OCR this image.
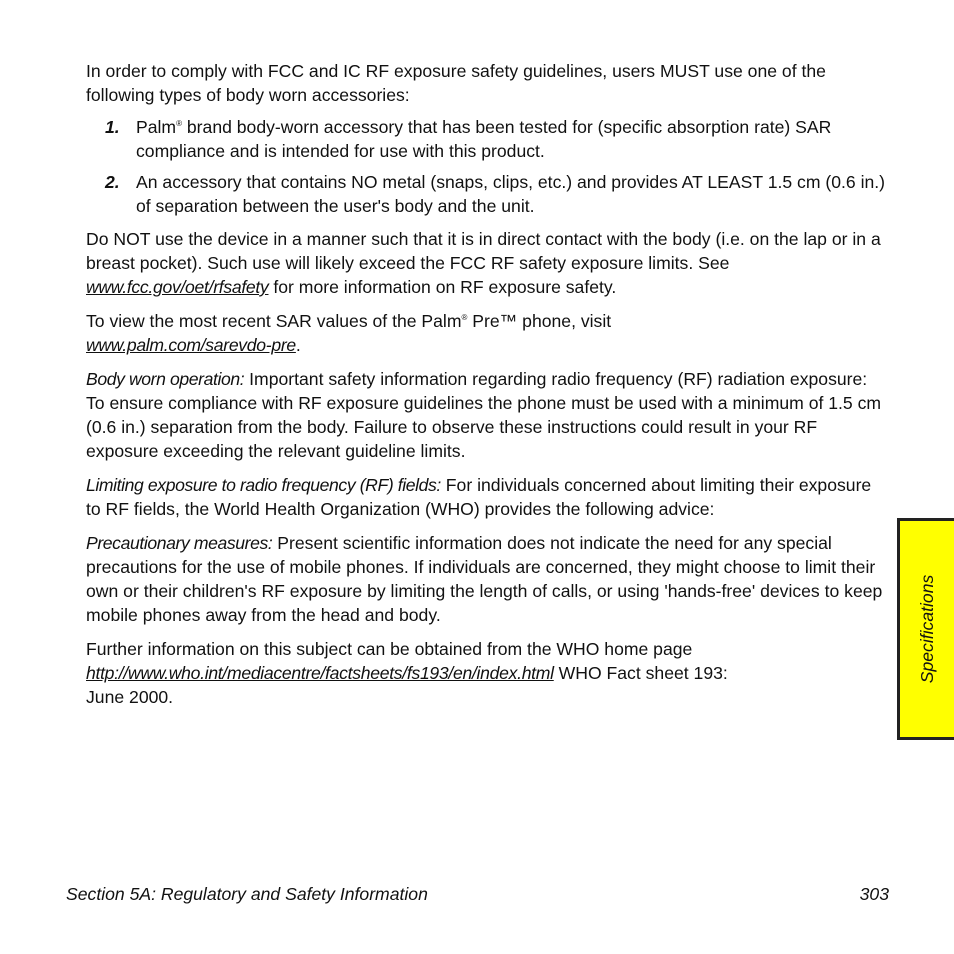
In order to comply with FCC and IC RF exposure safety guidelines, users MUST use one of the following types of body worn accessories:

1. Palm® brand body-worn accessory that has been tested for (specific absorption rate) SAR compliance and is intended for use with this product.
2. An accessory that contains NO metal (snaps, clips, etc.) and provides AT LEAST 1.5 cm (0.6 in.) of separation between the user's body and the unit.

Do NOT use the device in a manner such that it is in direct contact with the body (i.e. on the lap or in a breast pocket). Such use will likely exceed the FCC RF safety exposure limits. See www.fcc.gov/oet/rfsafety for more information on RF exposure safety.

To view the most recent SAR values of the Palm® Pre™ phone, visit
www.palm.com/sarevdo-pre.

Body worn operation: Important safety information regarding radio frequency (RF) radiation exposure: To ensure compliance with RF exposure guidelines the phone must be used with a minimum of 1.5 cm (0.6 in.) separation from the body. Failure to observe these instructions could result in your RF exposure exceeding the relevant guideline limits.

Limiting exposure to radio frequency (RF) fields: For individuals concerned about limiting their exposure to RF fields, the World Health Organization (WHO) provides the following advice:

Precautionary measures: Present scientific information does not indicate the need for any special precautions for the use of mobile phones. If individuals are concerned, they might choose to limit their own or their children's RF exposure by limiting the length of calls, or using 'hands-free' devices to keep mobile phones away from the head and body.

Further information on this subject can be obtained from the WHO home page
http://www.who.int/mediacentre/factsheets/fs193/en/index.html WHO Fact sheet 193:
June 2000.

Specifications
Section 5A: Regulatory and Safety Information	303
